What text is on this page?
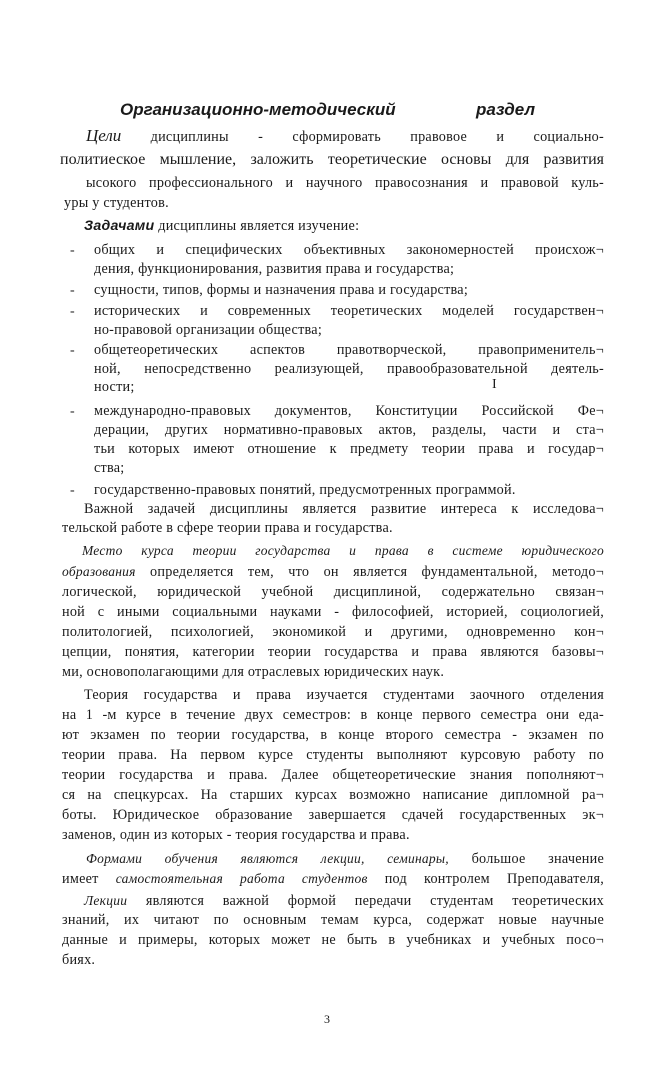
Организационно-методический	раздел
Цели дисциплины - сформировать правовое и социально-
политиеское мышление, заложить теоретические основы для развития
ысокого профессионального и научного правосознания и правовой куль-
уры у студентов.
Задачами дисциплины является изучение:
- общих и специфических объективных закономерностей происхож¬
дения, функционирования, развития права и государства;
- сущности, типов, формы и назначения права и государства;
- исторических и современных теоретических моделей государствен¬
но-правовой организации общества;
- общетеоретических аспектов правотворческой, правоприменитель¬
ной, непосредственно реализующей, правообразовательной деятель-
ности;	I
- международно-правовых документов, Конституции Российской Фе¬
дерации, других нормативно-правовых актов, разделы, части и ста¬
тьи которых имеют отношение к предмету теории права и государ¬
ства;
- государственно-правовых понятий, предусмотренных программой.
Важной задачей дисциплины является развитие интереса к исследова¬
тельской работе в сфере теории права и государства.
Место курса теории государства и права в системе юридического
образования определяется тем, что он является фундаментальной, методо¬
логической, юридической учебной дисциплиной, содержательно связан¬
ной с иными социальными науками - философией, историей, социологией,
политологией, психологией, экономикой и другими, одновременно кон¬
цепции, понятия, категории теории государства и права являются базовы¬
ми, основополагающими для отраслевых юридических наук.
Теория государства и права изучается студентами заочного отделения
на 1 -м курсе в течение двух семестров: в конце первого семестра они еда-
ют экзамен по теории государства, в конце второго семестра - экзамен по
теории права. На первом курсе студенты выполняют курсовую работу по
теории государства и права. Далее общетеоретические знания пополняют¬
ся на спецкурсах. На старших курсах возможно написание дипломной ра¬
боты. Юридическое образование завершается сдачей государственных эк¬
заменов, один из которых - теория государства и права.
Формами обучения являются лекции, семинары, большое значение
имеет самостоятельная работа студентов под контролем Преподавателя,
Лекции являются важной формой передачи студентам теоретических
знаний, их читают по основным темам курса, содержат новые научные
данные и примеры, которых может не быть в учебниках и учебных посо¬
биях.
3
